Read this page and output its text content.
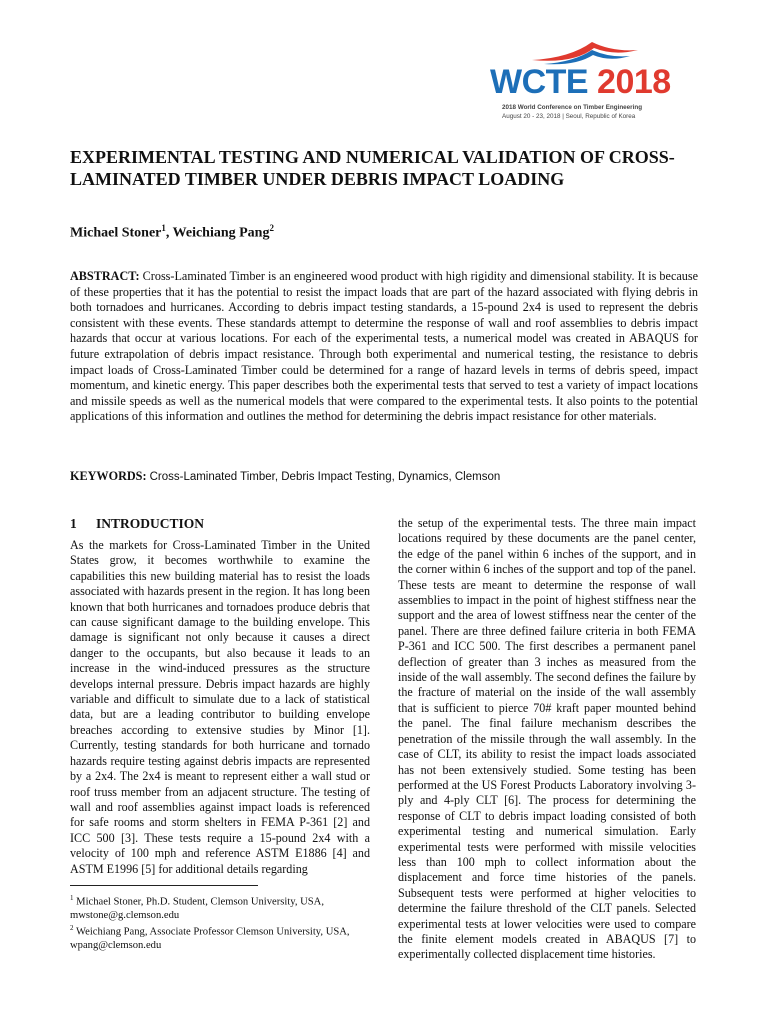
WCTE 2018
2018 World Conference on Timber Engineering
August 20 - 23, 2018 | Seoul, Republic of Korea
EXPERIMENTAL TESTING AND NUMERICAL VALIDATION OF CROSS-LAMINATED TIMBER UNDER DEBRIS IMPACT LOADING

Michael Stoner$^1$, Weichiang Pang$^2$

ABSTRACT: Cross-Laminated Timber is an engineered wood product with high rigidity and dimensional stability. It is because of these properties that it has the potential to resist the impact loads that are part of the hazard associated with flying debris in both tornadoes and hurricanes. According to debris impact testing standards, a 15-pound 2x4 is used to represent the debris consistent with these events. These standards attempt to determine the response of wall and roof assemblies to debris impact hazards that occur at various locations. For each of the experimental tests, a numerical model was created in ABAQUS for future extrapolation of debris impact resistance. Through both experimental and numerical testing, the resistance to debris impact loads of Cross-Laminated Timber could be determined for a range of hazard levels in terms of debris speed, impact momentum, and kinetic energy. This paper describes both the experimental tests that served to test a variety of impact locations and missile speeds as well as the numerical models that were compared to the experimental tests. It also points to the potential applications of this information and outlines the method for determining the debris impact resistance for other materials.

KEYWORDS: Cross-Laminated Timber, Debris Impact Testing, Dynamics, Clemson

1 INTRODUCTION

As the markets for Cross-Laminated Timber in the United States grow, it becomes worthwhile to examine the capabilities this new building material has to resist the loads associated with hazards present in the region. It has long been known that both hurricanes and tornadoes produce debris that can cause significant damage to the building envelope. This damage is significant not only because it causes a direct danger to the occupants, but also because it leads to an increase in the wind-induced pressures as the structure develops internal pressure. Debris impact hazards are highly variable and difficult to simulate due to a lack of statistical data, but are a leading contributor to building envelope breaches according to extensive studies by Minor [1]. Currently, testing standards for both hurricane and tornado hazards require testing against debris impacts are represented by a 2x4. The 2x4 is meant to represent either a wall stud or roof truss member from an adjacent structure. The testing of wall and roof assemblies against impact loads is referenced for safe rooms and storm shelters in FEMA P-361 [2] and ICC 500 [3]. These tests require a 15-pound 2x4 with a velocity of 100 mph and reference ASTM E1886 [4] and ASTM E1996 [5] for additional details regarding

the setup of the experimental tests. The three main impact locations required by these documents are the panel center, the edge of the panel within 6 inches of the support, and in the corner within 6 inches of the support and top of the panel. These tests are meant to determine the response of wall assemblies to impact in the point of highest stiffness near the support and the area of lowest stiffness near the center of the panel. There are three defined failure criteria in both FEMA P-361 and ICC 500. The first describes a permanent panel deflection of greater than 3 inches as measured from the inside of the wall assembly. The second defines the failure by the fracture of material on the inside of the wall assembly that is sufficient to pierce 70# kraft paper mounted behind the panel. The final failure mechanism describes the penetration of the missile through the wall assembly. In the case of CLT, its ability to resist the impact loads associated has not been extensively studied. Some testing has been performed at the US Forest Products Laboratory involving 3-ply and 4-ply CLT [6]. The process for determining the response of CLT to debris impact loading consisted of both experimental testing and numerical simulation. Early experimental tests were performed with missile velocities less than 100 mph to collect information about the displacement and force time histories of the panels. Subsequent tests were performed at higher velocities to determine the failure threshold of the CLT panels. Selected experimental tests at lower velocities were used to compare the finite element models created in ABAQUS [7] to experimentally collected displacement time histories.

$^1$ Michael Stoner, Ph.D. Student, Clemson University, USA, mwstone@g.clemson.edu

$^2$ Weichiang Pang, Associate Professor Clemson University, USA, wpang@clemson.edu
